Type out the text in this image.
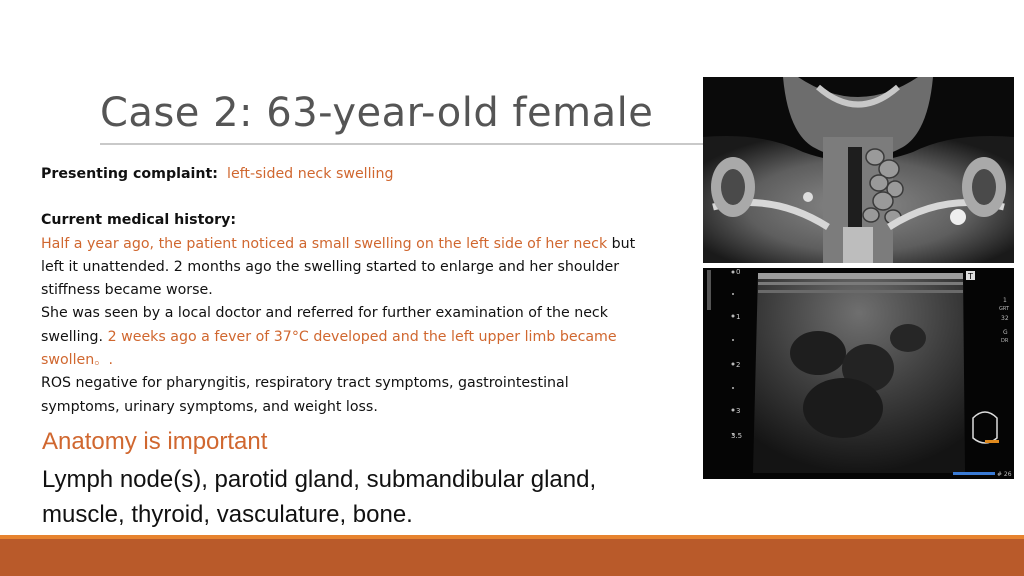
Case 2: 63-year-old female

Presenting complaint: left-sided neck swelling

Current medical history:

Half a year ago, the patient noticed a small swelling on the left side of her neck but left it unattended. 2 months ago the swelling started to enlarge and her shoulder stiffness became worse.

She was seen by a local doctor and referred for further examination of the neck swelling. 2 weeks ago a fever of 37°C developed and the left upper limb became swollen。.

ROS negative for pharyngitis, respiratory tract symptoms, gastrointestinal symptoms, urinary symptoms, and weight loss.

Anatomy is important
Lymph node(s), parotid gland, submandibular gland, muscle, thyroid, vasculature, bone.
0
1
2
3
3.5
T
1
GRT
32
G
DR
# 26
